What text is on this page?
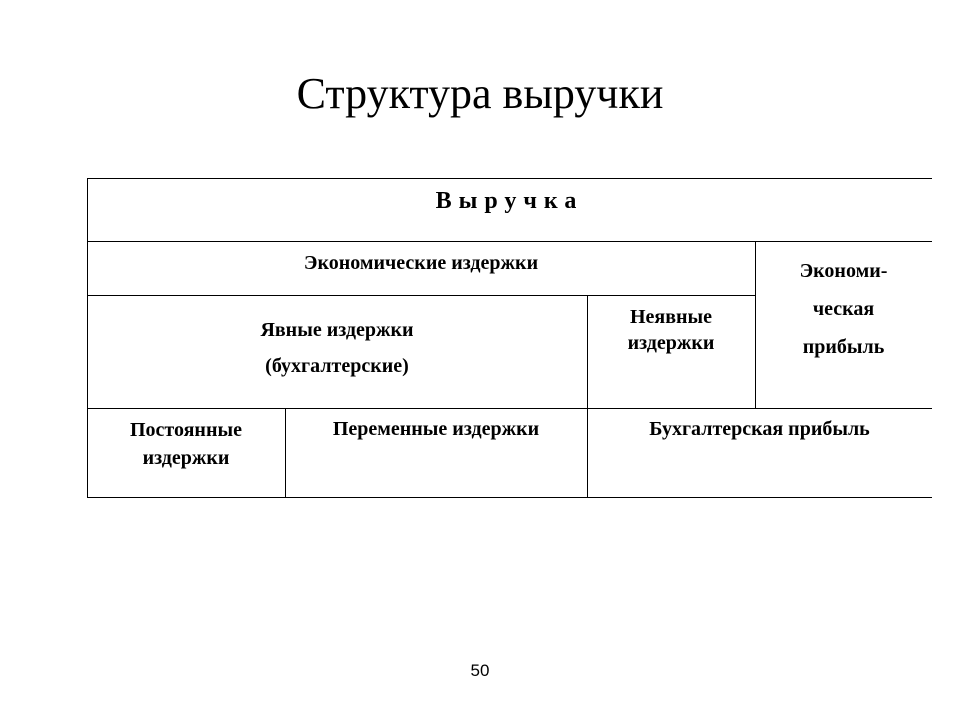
Структура выручки
Выручка
Экономические издержки	Экономи-
ческая
прибыль
Явные издержки
(бухгалтерские)
Неявные
издержки
Постоянные
издержки
Переменные издержки	Бухгалтерская прибыль
50
